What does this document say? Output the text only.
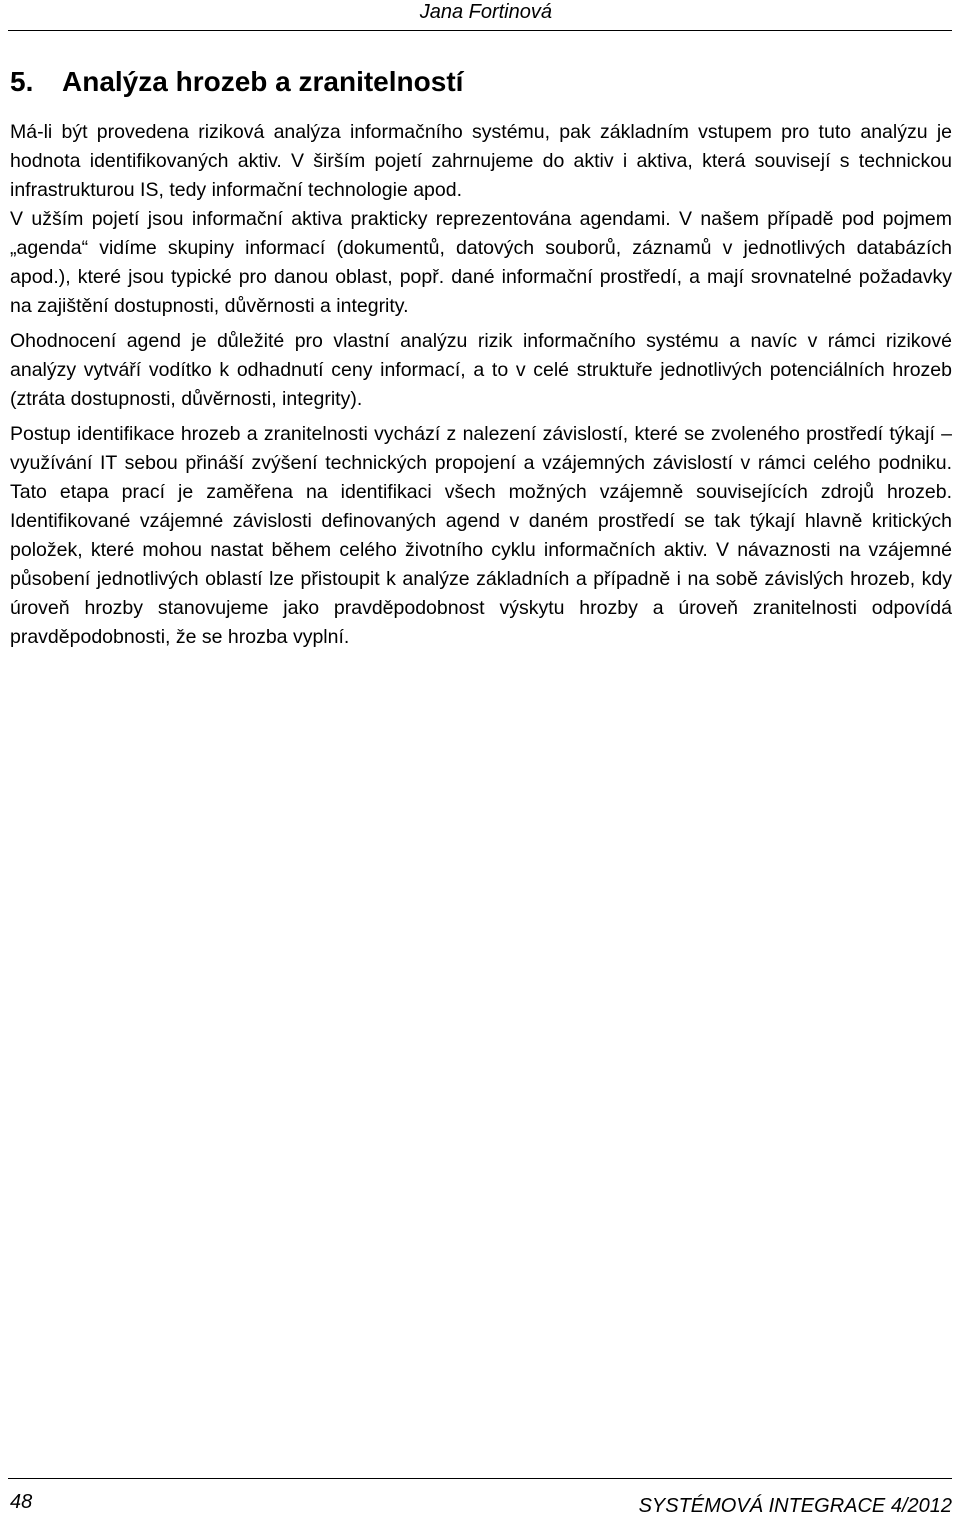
Jana Fortinová
5. Analýza hrozeb a zranitelností

Má-li být provedena riziková analýza informačního systému, pak základním vstupem pro tuto analýzu je hodnota identifikovaných aktiv. V širším pojetí zahrnujeme do aktiv i aktiva, která souvisejí s technickou infrastrukturou IS, tedy informační technologie apod.

V užším pojetí jsou informační aktiva prakticky reprezentována agendami. V našem případě pod pojmem „agenda“ vidíme skupiny informací (dokumentů, datových souborů, záznamů v jednotlivých databázích apod.), které jsou typické pro danou oblast, popř. dané informační prostředí, a mají srovnatelné požadavky na zajištění dostupnosti, důvěrnosti a integrity.

Ohodnocení agend je důležité pro vlastní analýzu rizik informačního systému a navíc v rámci rizikové analýzy vytváří vodítko k odhadnutí ceny informací, a to v celé struktuře jednotlivých potenciálních hrozeb (ztráta dostupnosti, důvěrnosti, integrity).

Postup identifikace hrozeb a zranitelnosti vychází z nalezení závislostí, které se zvoleného prostředí týkají – využívání IT sebou přináší zvýšení technických propojení a vzájemných závislostí v rámci celého podniku. Tato etapa prací je zaměřena na identifikaci všech možných vzájemně souvisejících zdrojů hrozeb. Identifikované vzájemné závislosti definovaných agend v daném prostředí se tak týkají hlavně kritických položek, které mohou nastat během celého životního cyklu informačních aktiv. V návaznosti na vzájemné působení jednotlivých oblastí lze přistoupit k analýze základních a případně i na sobě závislých hrozeb, kdy úroveň hrozby stanovujeme jako pravděpodobnost výskytu hrozby a úroveň zranitelnosti odpovídá pravděpodobnosti, že se hrozba vyplní.

48	SYSTÉMOVÁ INTEGRACE 4/2012
